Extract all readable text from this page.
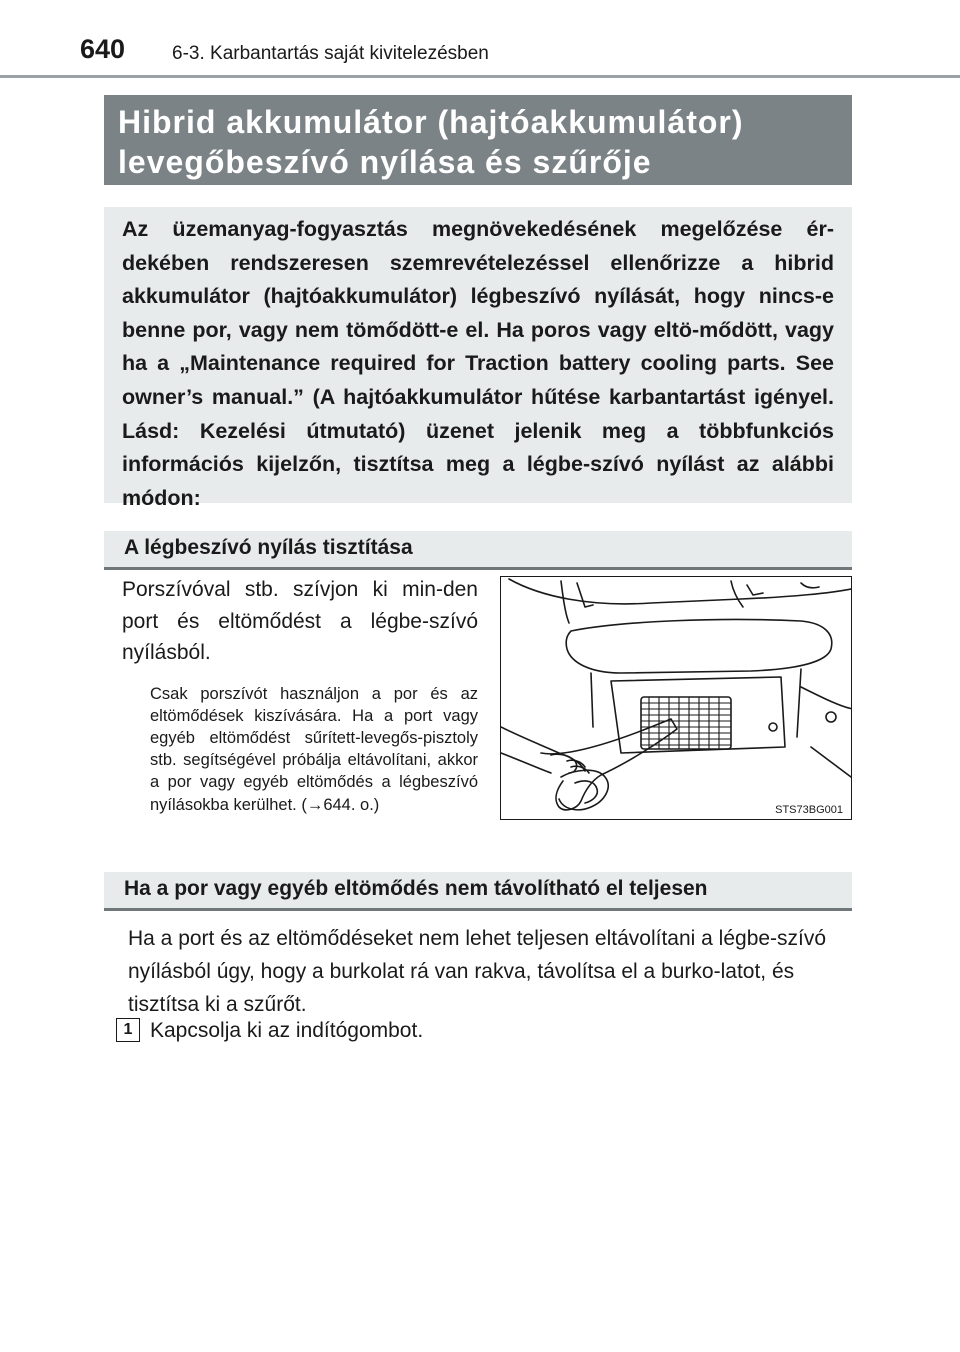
640 6-3. Karbantartás saját kivitelezésben
Hibrid akkumulátor (hajtóakkumulátor) levegőbeszívó nyílása és szűrője

Az üzemanyag-fogyasztás megnövekedésének megelőzése ér-dekében rendszeresen szemrevételezéssel ellenőrizze a hibrid akkumulátor (hajtóakkumulátor) légbeszívó nyílását, hogy nincs-e benne por, vagy nem tömődött-e el. Ha poros vagy eltö-mődött, vagy ha a „Maintenance required for Traction battery cooling parts. See owner’s manual.” (A hajtóakkumulátor hűtése karbantartást igényel. Lásd: Kezelési útmutató) üzenet jelenik meg a többfunkciós információs kijelzőn, tisztítsa meg a légbe-szívó nyílást az alábbi módon:

A légbeszívó nyílás tisztítása

Porszívóval stb. szívjon ki min-den port és eltömődést a légbe-szívó nyílásból.

Csak porszívót használjon a por és az eltömődések kiszívására. Ha a port vagy egyéb eltömődést sűrített-levegős-pisztoly stb. segítségével próbálja eltávolítani, akkor a por vagy egyéb eltömődés a légbeszívó nyílásokba kerülhet. (→644. o.)	STS73BG001
Ha a por vagy egyéb eltömődés nem távolítható el teljesen

Ha a port és az eltömődéseket nem lehet teljesen eltávolítani a légbe-szívó nyílásból úgy, hogy a burkolat rá van rakva, távolítsa el a burko-latot, és tisztítsa ki a szűrőt.

1 Kapcsolja ki az indítógombot.
